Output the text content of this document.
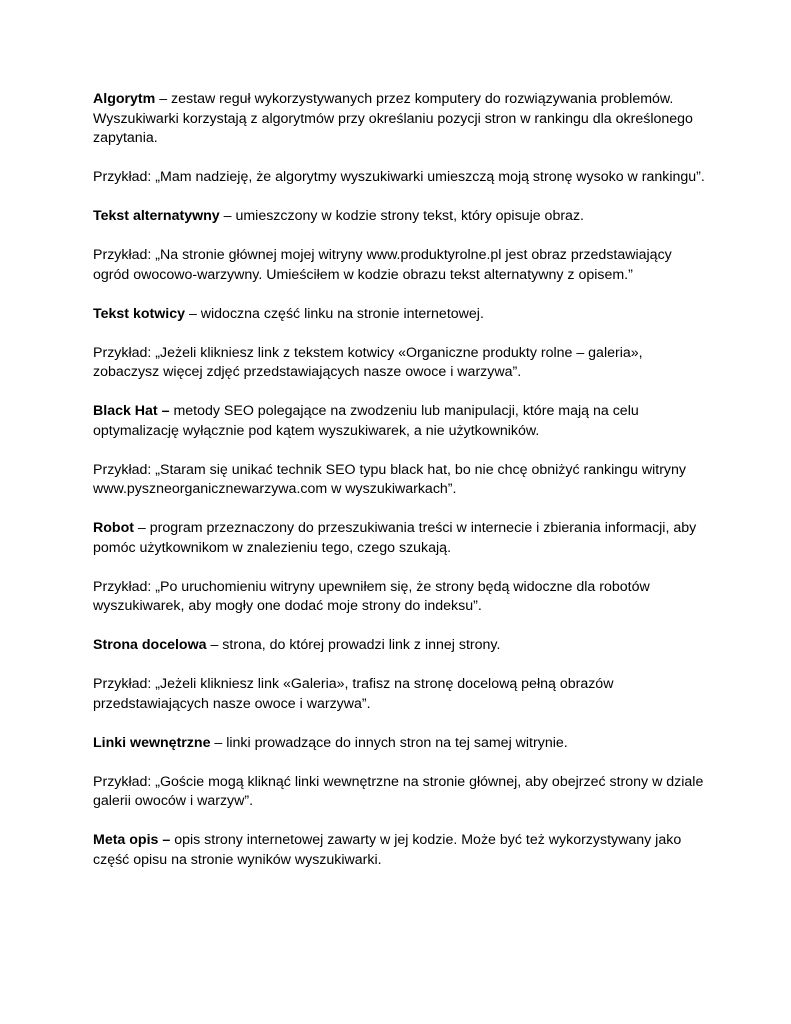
Algorytm – zestaw reguł wykorzystywanych przez komputery do rozwiązywania problemów. Wyszukiwarki korzystają z algorytmów przy określaniu pozycji stron w rankingu dla określonego zapytania.

Przykład: „Mam nadzieję, że algorytmy wyszukiwarki umieszczą moją stronę wysoko w rankingu”.

Tekst alternatywny – umieszczony w kodzie strony tekst, który opisuje obraz.

Przykład: „Na stronie głównej mojej witryny www.produktyrolne.pl jest obraz przedstawiający ogród owocowo-warzywny. Umieściłem w kodzie obrazu tekst alternatywny z opisem.”

Tekst kotwicy – widoczna część linku na stronie internetowej.

Przykład: „Jeżeli klikniesz link z tekstem kotwicy «Organiczne produkty rolne – galeria», zobaczysz więcej zdjęć przedstawiających nasze owoce i warzywa”.

Black Hat – metody SEO polegające na zwodzeniu lub manipulacji, które mają na celu optymalizację wyłącznie pod kątem wyszukiwarek, a nie użytkowników.

Przykład: „Staram się unikać technik SEO typu black hat, bo nie chcę obniżyć rankingu witryny www.pyszneorganicznewarzywa.com w wyszukiwarkach”.

Robot – program przeznaczony do przeszukiwania treści w internecie i zbierania informacji, aby pomóc użytkownikom w znalezieniu tego, czego szukają.

Przykład: „Po uruchomieniu witryny upewniłem się, że strony będą widoczne dla robotów wyszukiwarek, aby mogły one dodać moje strony do indeksu”.

Strona docelowa – strona, do której prowadzi link z innej strony.

Przykład: „Jeżeli klikniesz link «Galeria», trafisz na stronę docelową pełną obrazów przedstawiających nasze owoce i warzywa”.

Linki wewnętrzne – linki prowadzące do innych stron na tej samej witrynie.

Przykład: „Goście mogą kliknąć linki wewnętrzne na stronie głównej, aby obejrzeć strony w dziale galerii owoców i warzyw”.

Meta opis – opis strony internetowej zawarty w jej kodzie. Może być też wykorzystywany jako część opisu na stronie wyników wyszukiwarki.
